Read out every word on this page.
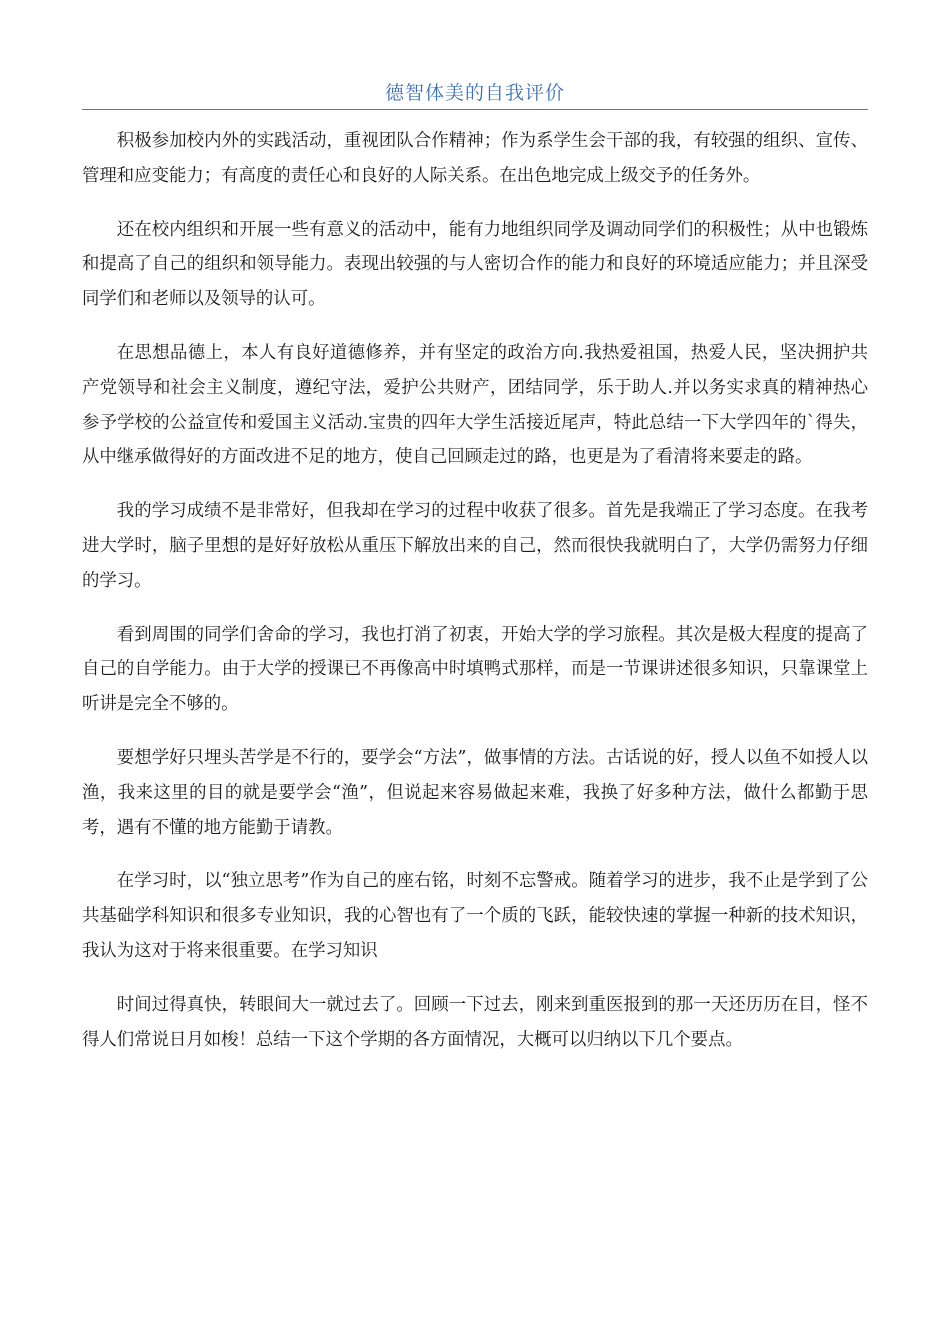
德智体美的自我评价

积极参加校内外的实践活动，重视团队合作精神；作为系学生会干部的我，有较强的组织、宣传、管理和应变能力；有高度的责任心和良好的人际关系。在出色地完成上级交予的任务外。

还在校内组织和开展一些有意义的活动中，能有力地组织同学及调动同学们的积极性；从中也锻炼和提高了自己的组织和领导能力。表现出较强的与人密切合作的能力和良好的环境适应能力；并且深受同学们和老师以及领导的认可。

在思想品德上，本人有良好道德修养，并有坚定的政治方向.我热爱祖国，热爱人民，坚决拥护共产党领导和社会主义制度，遵纪守法，爱护公共财产，团结同学，乐于助人.并以务实求真的精神热心参予学校的公益宣传和爱国主义活动.宝贵的四年大学生活接近尾声，特此总结一下大学四年的`得失，从中继承做得好的方面改进不足的地方，使自己回顾走过的路，也更是为了看清将来要走的路。

我的学习成绩不是非常好，但我却在学习的过程中收获了很多。首先是我端正了学习态度。在我考进大学时，脑子里想的是好好放松从重压下解放出来的自己，然而很快我就明白了，大学仍需努力仔细的学习。

看到周围的同学们舍命的学习，我也打消了初衷，开始大学的学习旅程。其次是极大程度的提高了自己的自学能力。由于大学的授课已不再像高中时填鸭式那样，而是一节课讲述很多知识，只靠课堂上听讲是完全不够的。

要想学好只埋头苦学是不行的，要学会“方法”，做事情的方法。古话说的好，授人以鱼不如授人以渔，我来这里的目的就是要学会“渔”，但说起来容易做起来难，我换了好多种方法，做什么都勤于思考，遇有不懂的地方能勤于请教。

在学习时，以“独立思考”作为自己的座右铭，时刻不忘警戒。随着学习的进步，我不止是学到了公共基础学科知识和很多专业知识，我的心智也有了一个质的飞跃，能较快速的掌握一种新的技术知识，我认为这对于将来很重要。在学习知识

时间过得真快，转眼间大一就过去了。回顾一下过去，刚来到重医报到的那一天还历历在目，怪不得人们常说日月如梭！总结一下这个学期的各方面情况，大概可以归纳以下几个要点。
